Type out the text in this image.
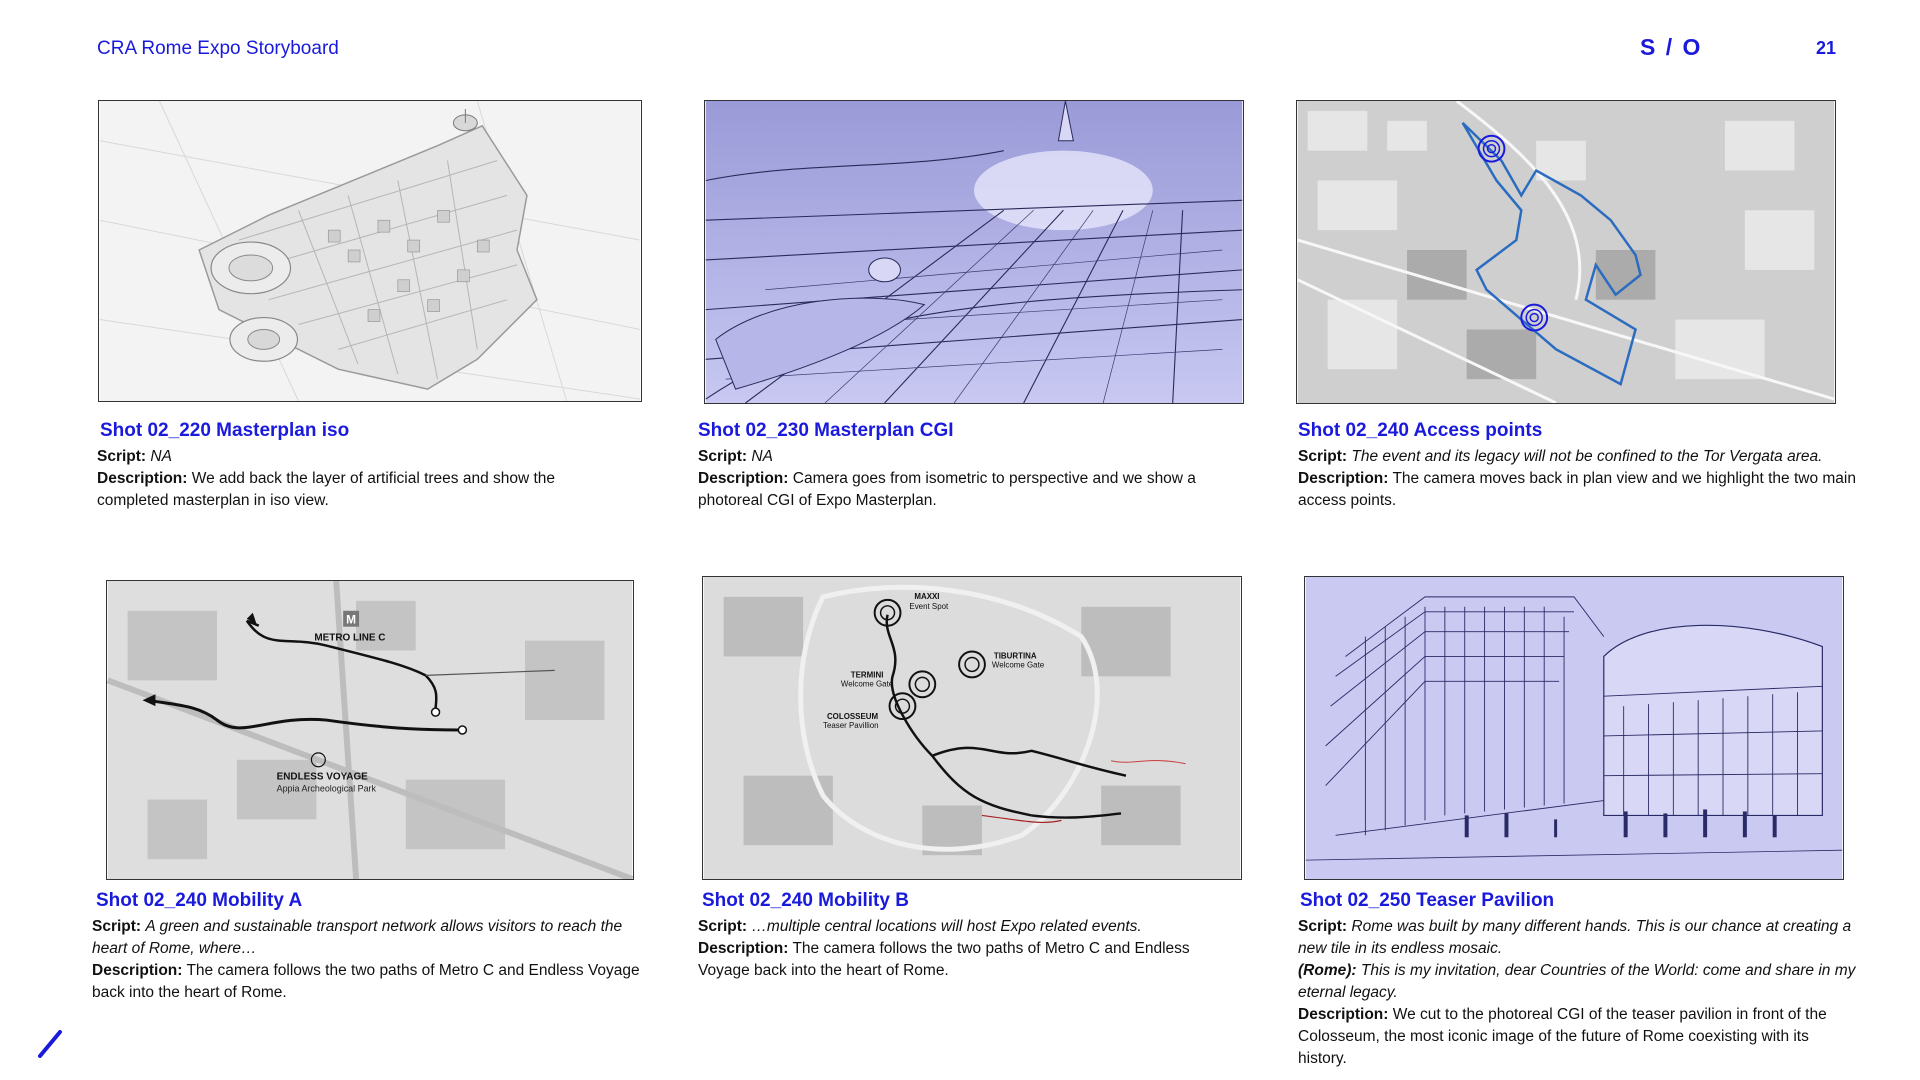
CRA Rome Expo Storyboard	S / O	21
Shot 02_220 Masterplan iso

Script: NA

Description: We add back the layer of artificial trees and show the completed masterplan in iso view.

Shot 02_230 Masterplan CGI

Script: NA

Description: Camera goes from isometric to perspective and we show a photoreal CGI of Expo Masterplan.

Shot 02_240 Access points

Script: The event and its legacy will not be confined to the Tor Vergata area.

Description: The camera moves back in plan view and we highlight the two main access points.

M
METRO LINE C
ENDLESS VOYAGE
Appia Archeological Park
Shot 02_240 Mobility A

Script: A green and sustainable transport network allows visitors to reach the heart of Rome, where…

Description: The camera follows the two paths of Metro C and Endless Voyage back into the heart of Rome.

MAXXI
Event Spot
TERMINI
Welcome Gate
TIBURTINA
Welcome Gate
COLOSSEUM
Teaser Pavillion
Shot 02_240 Mobility B

Script: …multiple central locations will host Expo related events.

Description: The camera follows the two paths of Metro C and Endless Voyage back into the heart of Rome.

Shot 02_250 Teaser Pavilion

Script: Rome was built by many different hands. This is our chance at creating a new tile in its endless mosaic.

(Rome): This is my invitation, dear Countries of the World: come and share in my eternal legacy.

Description: We cut to the photoreal CGI of the teaser pavilion in front of the Colosseum, the most iconic image of the future of Rome coexisting with its history.
